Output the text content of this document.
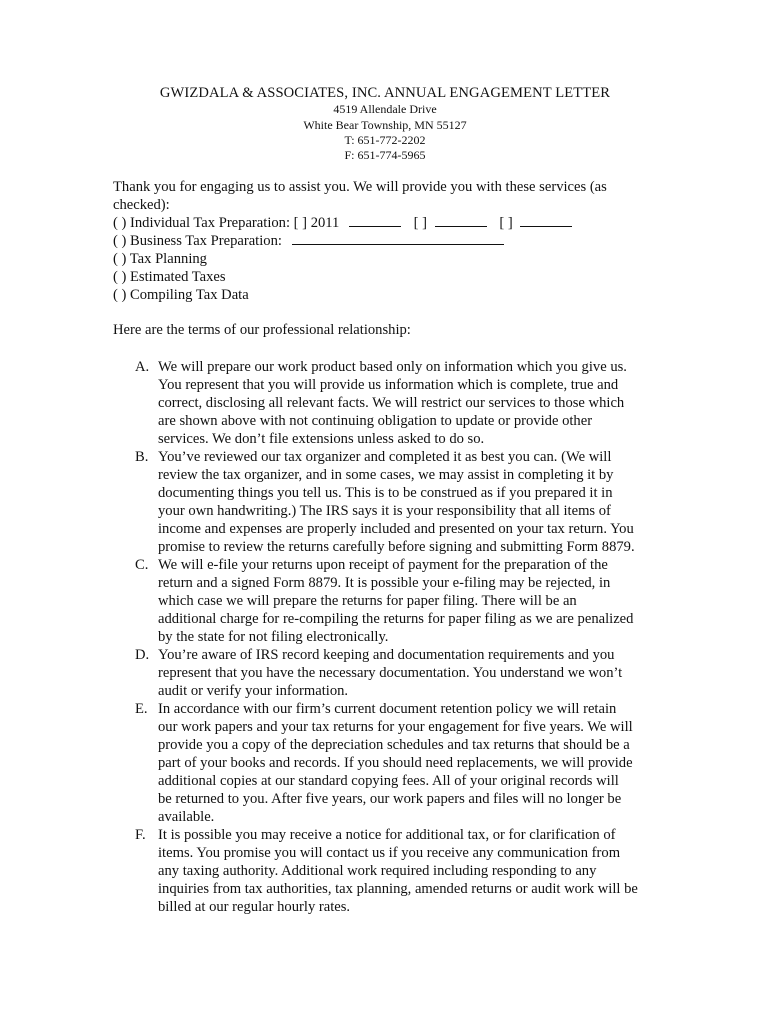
GWIZDALA & ASSOCIATES, INC. ANNUAL ENGAGEMENT LETTER
4519 Allendale Drive
White Bear Township, MN 55127
T: 651-772-2202
F: 651-774-5965
Thank you for engaging us to assist you. We will provide you with these services (as
checked):
( ) Individual Tax Preparation: [ ] 2011	[ ]	[ ]
( ) Business Tax Preparation:
( ) Tax Planning
( ) Estimated Taxes
( ) Compiling Tax Data
Here are the terms of our professional relationship:
A. We will prepare our work product based only on information which you give us.
You represent that you will provide us information which is complete, true and
correct, disclosing all relevant facts. We will restrict our services to those which
are shown above with not continuing obligation to update or provide other
services. We don’t file extensions unless asked to do so.
B. You’ve reviewed our tax organizer and completed it as best you can. (We will
review the tax organizer, and in some cases, we may assist in completing it by
documenting things you tell us. This is to be construed as if you prepared it in
your own handwriting.) The IRS says it is your responsibility that all items of
income and expenses are properly included and presented on your tax return. You
promise to review the returns carefully before signing and submitting Form 8879.
C. We will e-file your returns upon receipt of payment for the preparation of the
return and a signed Form 8879. It is possible your e-filing may be rejected, in
which case we will prepare the returns for paper filing. There will be an
additional charge for re-compiling the returns for paper filing as we are penalized
by the state for not filing electronically.
D. You’re aware of IRS record keeping and documentation requirements and you
represent that you have the necessary documentation. You understand we won’t
audit or verify your information.
E. In accordance with our firm’s current document retention policy we will retain
our work papers and your tax returns for your engagement for five years. We will
provide you a copy of the depreciation schedules and tax returns that should be a
part of your books and records. If you should need replacements, we will provide
additional copies at our standard copying fees. All of your original records will
be returned to you. After five years, our work papers and files will no longer be
available.
F. It is possible you may receive a notice for additional tax, or for clarification of
items. You promise you will contact us if you receive any communication from
any taxing authority. Additional work required including responding to any
inquiries from tax authorities, tax planning, amended returns or audit work will be
billed at our regular hourly rates.
